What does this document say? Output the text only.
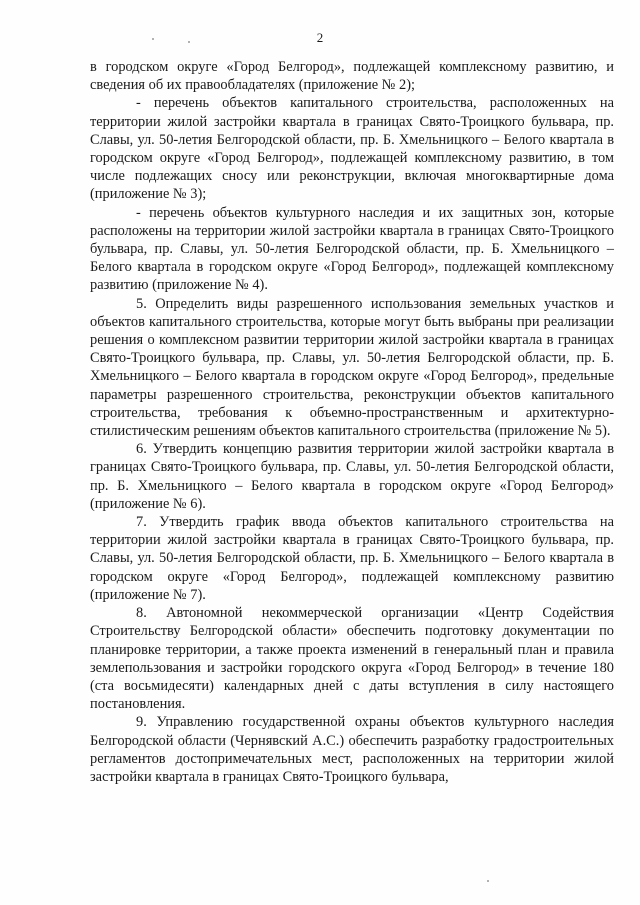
2

в городском округе «Город Белгород», подлежащей комплексному развитию, и сведения об их правообладателях (приложение № 2);

- перечень объектов капитального строительства, расположенных на территории жилой застройки квартала в границах Свято-Троицкого бульвара, пр. Славы, ул. 50-летия Белгородской области, пр. Б. Хмельницкого – Белого квартала в городском округе «Город Белгород», подлежащей комплексному развитию, в том числе подлежащих сносу или реконструкции, включая многоквартирные дома (приложение № 3);

- перечень объектов культурного наследия и их защитных зон, которые расположены на территории жилой застройки квартала в границах Свято-Троицкого бульвара, пр. Славы, ул. 50-летия Белгородской области, пр. Б. Хмельницкого – Белого квартала в городском округе «Город Белгород», подлежащей комплексному развитию (приложение № 4).

5. Определить виды разрешенного использования земельных участков и объектов капитального строительства, которые могут быть выбраны при реализации решения о комплексном развитии территории жилой застройки квартала в границах Свято-Троицкого бульвара, пр. Славы, ул. 50-летия Белгородской области, пр. Б. Хмельницкого – Белого квартала в городском округе «Город Белгород», предельные параметры разрешенного строительства, реконструкции объектов капитального строительства, требования к объемно-пространственным и архитектурно-стилистическим решениям объектов капитального строительства (приложение № 5).

6. Утвердить концепцию развития территории жилой застройки квартала в границах Свято-Троицкого бульвара, пр. Славы, ул. 50-летия Белгородской области, пр. Б. Хмельницкого – Белого квартала в городском округе «Город Белгород» (приложение № 6).

7. Утвердить график ввода объектов капитального строительства на территории жилой застройки квартала в границах Свято-Троицкого бульвара, пр. Славы, ул. 50-летия Белгородской области, пр. Б. Хмельницкого – Белого квартала в городском округе «Город Белгород», подлежащей комплексному развитию (приложение № 7).

8. Автономной некоммерческой организации «Центр Содействия Строительству Белгородской области» обеспечить подготовку документации по планировке территории, а также проекта изменений в генеральный план и правила землепользования и застройки городского округа «Город Белгород» в течение 180 (ста восьмидесяти) календарных дней с даты вступления в силу настоящего постановления.

9. Управлению государственной охраны объектов культурного наследия Белгородской области (Чернявский А.С.) обеспечить разработку градостроительных регламентов достопримечательных мест, расположенных на территории жилой застройки квартала в границах Свято-Троицкого бульвара,
